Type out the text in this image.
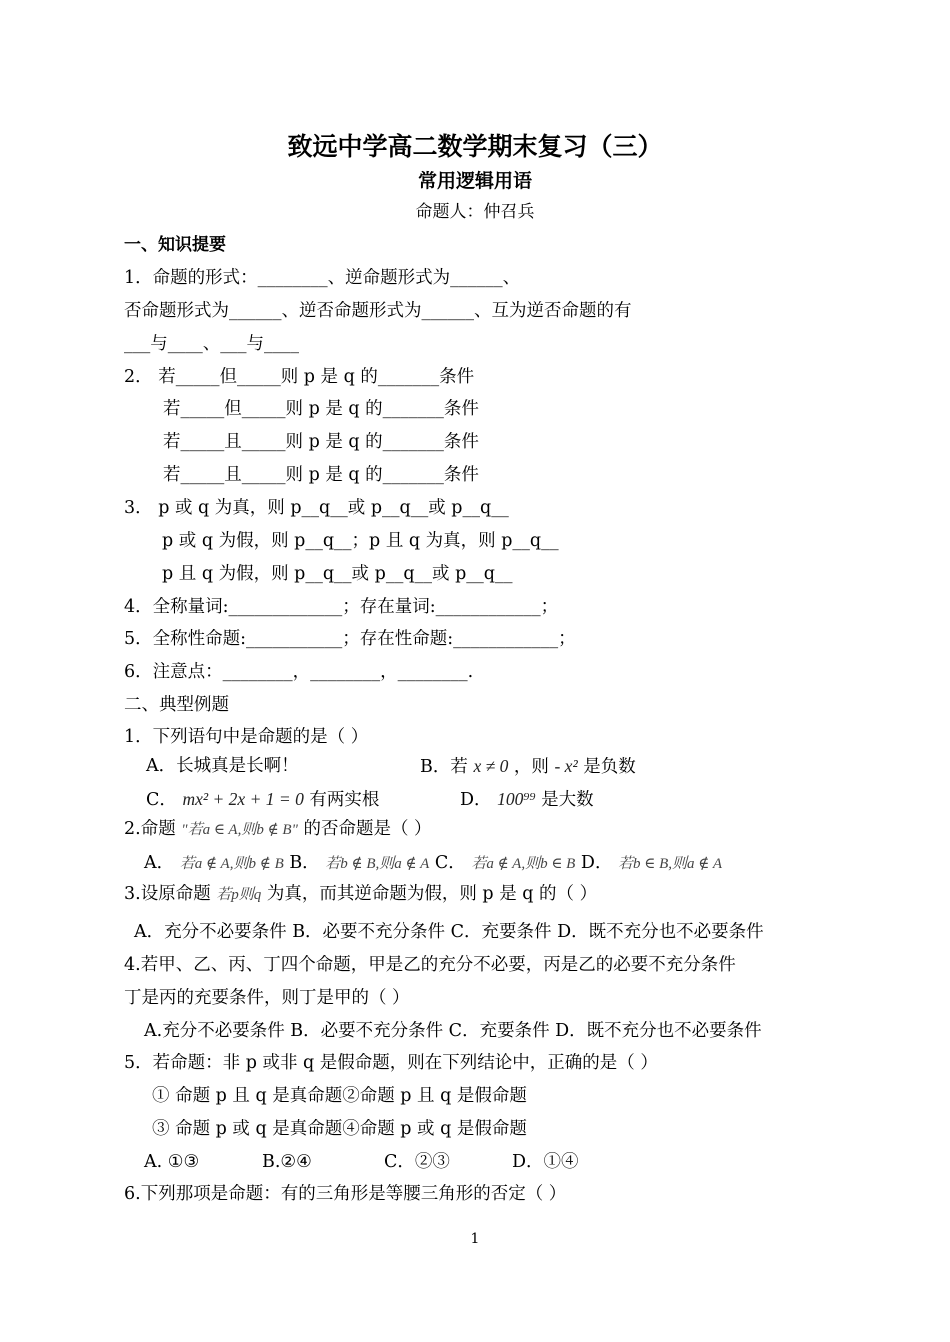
致远中学高二数学期末复习（三）
常用逻辑用语
命题人：仲召兵
一、知识提要
1．命题的形式：________、逆命题形式为______、
否命题形式为______、逆否命题形式为______、互为逆否命题的有
___与____、___与____
2． 若_____但_____则 p 是 q 的_______条件
若_____但_____则 p 是 q 的_______条件
若_____且_____则 p 是 q 的_______条件
若_____且_____则 p 是 q 的_______条件
3． p 或 q 为真，则 p__q__或 p__q__或 p__q__
p 或 q 为假，则 p__q__；p 且 q 为真，则 p__q__
p 且 q 为假，则 p__q__或 p__q__或 p__q__
4．全称量词:_____________；存在量词:____________；
5．全称性命题:___________；存在性命题:____________；
6．注意点：________，________，________.
二、典型例题
1．下列语句中是命题的是（ ）
A．长城真是长啊！	B．若 x ≠ 0 ，则 - x² 是负数
C． mx² + 2x + 1 = 0 有两实根	D． 100⁹⁹ 是大数
2.命题 "若a ∈ A,则b ∉ B" 的否命题是（ ）
A． 若a ∉ A,则b ∉ B B． 若b ∉ B,则a ∉ A C． 若a ∉ A,则b ∈ B D． 若b ∈ B,则a ∉ A
3.设原命题 若p则q 为真，而其逆命题为假，则 p 是 q 的（ ）
A．充分不必要条件 B．必要不充分条件 C．充要条件 D．既不充分也不必要条件
4.若甲、乙、丙、丁四个命题，甲是乙的充分不必要，丙是乙的必要不充分条件
丁是丙的充要条件，则丁是甲的（ ）
A.充分不必要条件 B．必要不充分条件 C．充要条件 D．既不充分也不必要条件
5．若命题：非 p 或非 q 是假命题，则在下列结论中，正确的是（ ）
① 命题 p 且 q 是真命题②命题 p 且 q 是假命题
③ 命题 p 或 q 是真命题④命题 p 或 q 是假命题
A. ①③	B.②④	C．②③	D．①④
6.下列那项是命题：有的三角形是等腰三角形的否定（ ）
1
